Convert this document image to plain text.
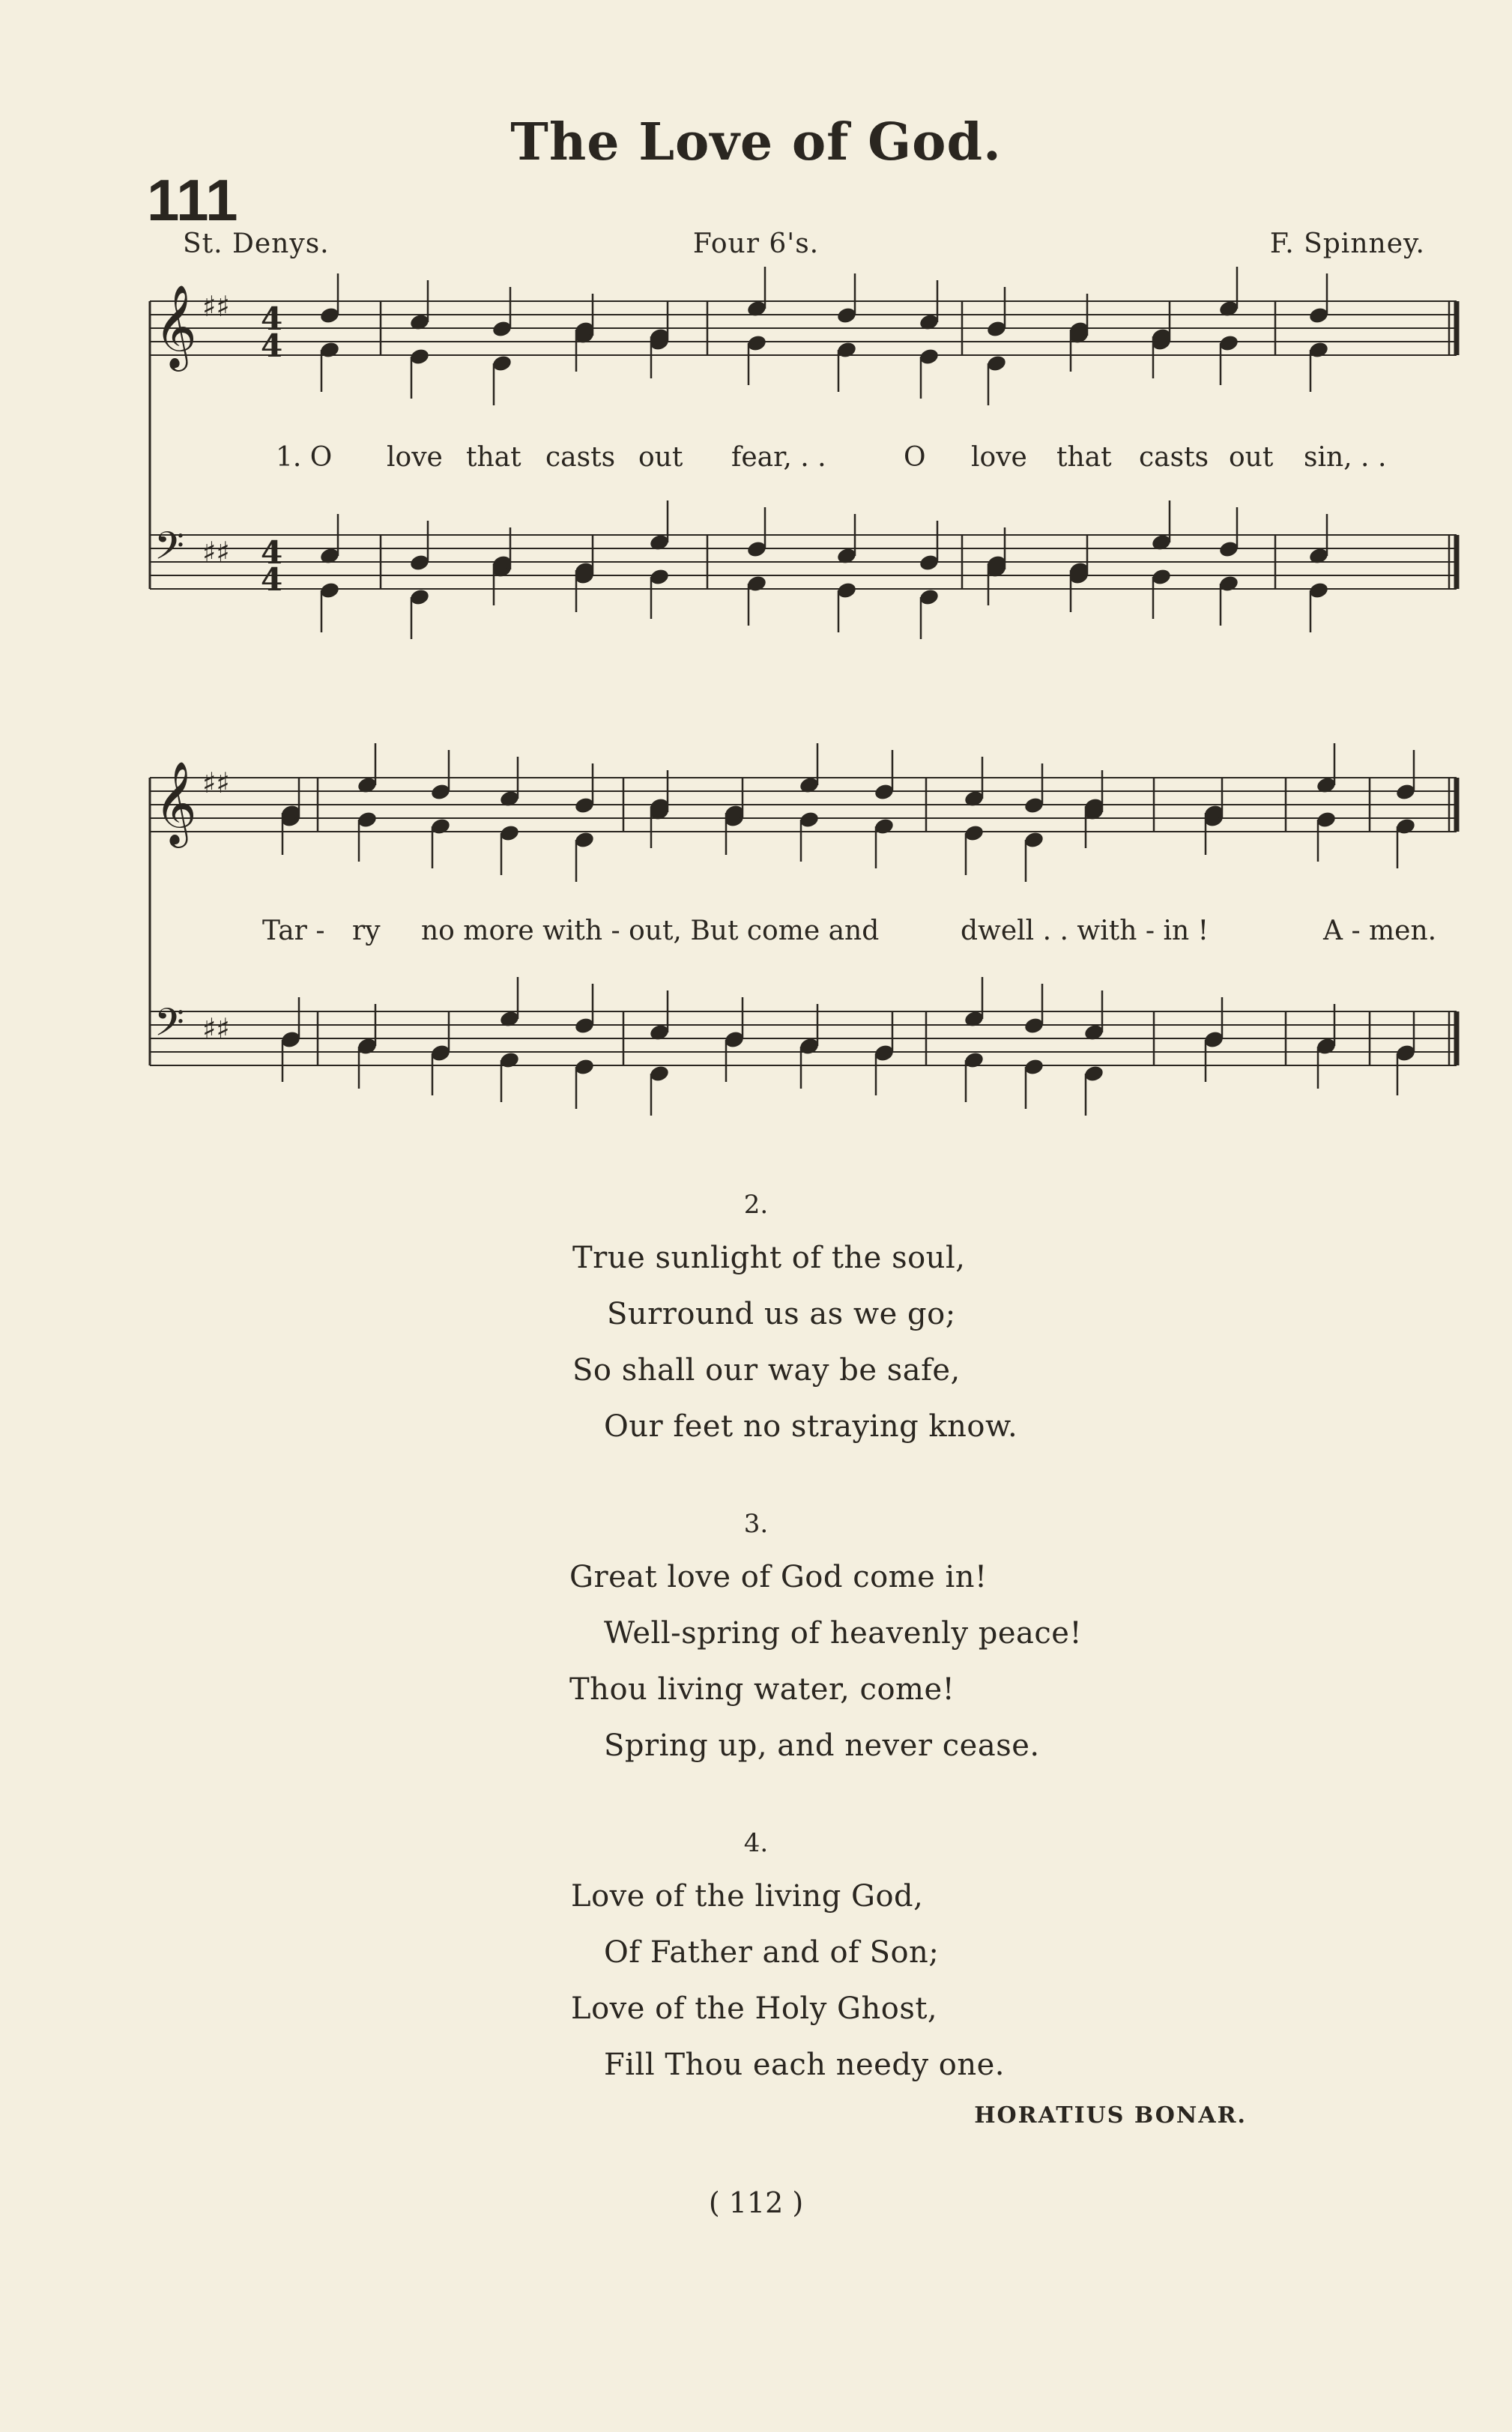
The Love of God.
111
St. Denys.	Four 6's.	F. Spinney.
𝄞 ♯♯ 4
4
𝄢 ♯♯ 4
4
𝄞 ♯♯
𝄢 ♯♯
1. O love that casts out fear, . .	O love that casts out sin, . .
Tar - ry no more with - out, But come and	dwell . . with - in !	A - men.
2.
True sunlight of the soul,
Surround us as we go;
So shall our way be safe,
Our feet no straying know.
3.
Great love of God come in!
Well-spring of heavenly peace!
Thou living water, come!
Spring up, and never cease.
4.
Love of the living God,
Of Father and of Son;
Love of the Holy Ghost,
Fill Thou each needy one.
HORATIUS BONAR.
( 112 )
